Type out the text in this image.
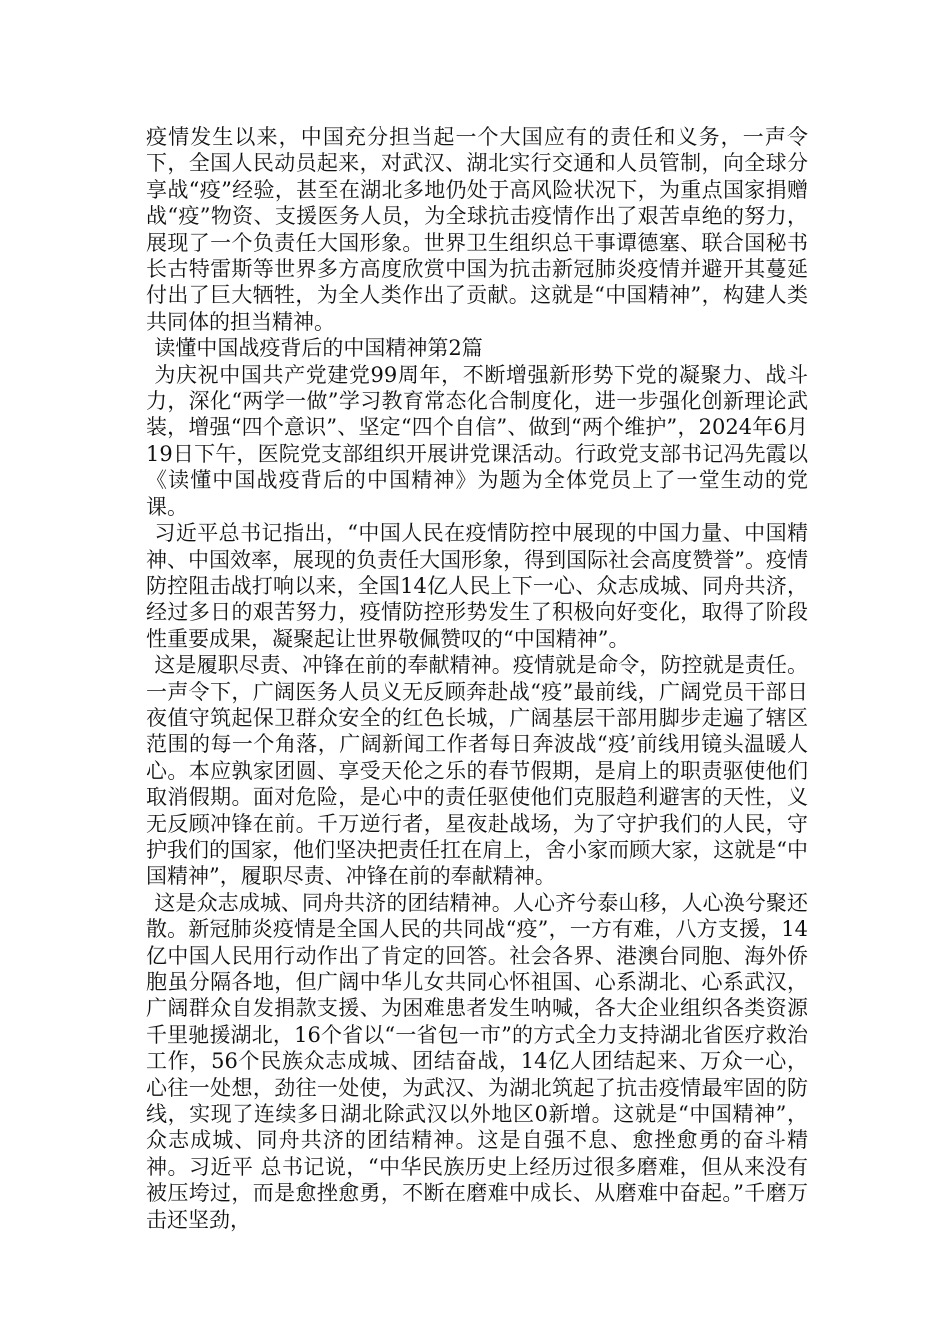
疫情发生以来，中国充分担当起一个大国应有的责任和义务，一声令下，全国人民动员起来，对武汉、湖北实行交通和人员管制，向全球分享战“疫”经验，甚至在湖北多地仍处于高风险状况下，为重点国家捐赠战“疫”物资、支援医务人员，为全球抗击疫情作出了艰苦卓绝的努力，展现了一个负责任大国形象。世界卫生组织总干事谭德塞、联合国秘书长古特雷斯等世界多方高度欣赏中国为抗击新冠肺炎疫情并避开其蔓延付出了巨大牺牲，为全人类作出了贡献。这就是“中国精神”，构建人类共同体的担当精神。

读懂中国战疫背后的中国精神第2篇

为庆祝中国共产党建党99周年，不断增强新形势下党的凝聚力、战斗力，深化“两学一做”学习教育常态化合制度化，进一步强化创新理论武装，增强“四个意识”、坚定“四个自信”、做到“两个维护”，2024年6月19日下午，医院党支部组织开展讲党课活动。行政党支部书记冯先霞以《读懂中国战疫背后的中国精神》为题为全体党员上了一堂生动的党课。

习近平总书记指出，“中国人民在疫情防控中展现的中国力量、中国精神、中国效率，展现的负责任大国形象，得到国际社会高度赞誉”。疫情防控阻击战打响以来，全国14亿人民上下一心、众志成城、同舟共济，经过多日的艰苦努力，疫情防控形势发生了积极向好变化，取得了阶段性重要成果，凝聚起让世界敬佩赞叹的“中国精神”。

这是履职尽责、冲锋在前的奉献精神。疫情就是命令，防控就是责任。一声令下，广阔医务人员义无反顾奔赴战“疫”最前线，广阔党员干部日夜值守筑起保卫群众安全的红色长城，广阔基层干部用脚步走遍了辖区范围的每一个角落，广阔新闻工作者每日奔波战“疫’前线用镜头温暖人心。本应孰家团圆、享受天伦之乐的春节假期，是肩上的职责驱使他们取消假期。面对危险，是心中的责任驱使他们克服趋利避害的天性，义无反顾冲锋在前。千万逆行者，星夜赴战场，为了守护我们的人民，守护我们的国家，他们坚决把责任扛在肩上，舍小家而顾大家，这就是“中国精神”，履职尽责、冲锋在前的奉献精神。

这是众志成城、同舟共济的团结精神。人心齐兮泰山移，人心涣兮聚还散。新冠肺炎疫情是全国人民的共同战“疫”，一方有难，八方支援，14亿中国人民用行动作出了肯定的回答。社会各界、港澳台同胞、海外侨胞虽分隔各地，但广阔中华儿女共同心怀祖国、心系湖北、心系武汉，广阔群众自发捐款支援、为困难患者发生呐喊，各大企业组织各类资源千里驰援湖北，16个省以“一省包一市”的方式全力支持湖北省医疗救治工作，56个民族众志成城、团结奋战，14亿人团结起来、万众一心，心往一处想，劲往一处使，为武汉、为湖北筑起了抗击疫情最牢固的防线，实现了连续多日湖北除武汉以外地区0新增。这就是“中国精神”，众志成城、同舟共济的团结精神。这是自强不息、愈挫愈勇的奋斗精神。习近平 总书记说，“中华民族历史上经历过很多磨难，但从来没有被压垮过，而是愈挫愈勇，不断在磨难中成长、从磨难中奋起。”千磨万击还坚劲，
